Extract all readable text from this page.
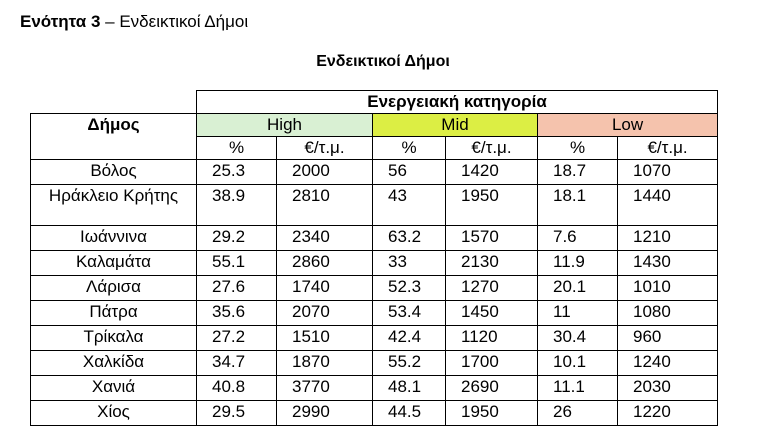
Ενότητα 3 – Ενδεικτικοί Δήμοι
Ενδεικτικοί Δήμοι
	Ενεργειακή κατηγορία					
Δήμος	High		Mid		Low	
	%	€/τ.μ.	%	€/τ.μ.	%	€/τ.μ.
Βόλος	25.3	2000	56	1420	18.7	1070
Ηράκλειο Κρήτης	38.9	2810	43	1950	18.1	1440
Ιωάννινα	29.2	2340	63.2	1570	7.6	1210
Καλαμάτα	55.1	2860	33	2130	11.9	1430
Λάρισα	27.6	1740	52.3	1270	20.1	1010
Πάτρα	35.6	2070	53.4	1450	11	1080
Τρίκαλα	27.2	1510	42.4	1120	30.4	960
Χαλκίδα	34.7	1870	55.2	1700	10.1	1240
Χανιά	40.8	3770	48.1	2690	11.1	2030
Χίος	29.5	2990	44.5	1950	26	1220
